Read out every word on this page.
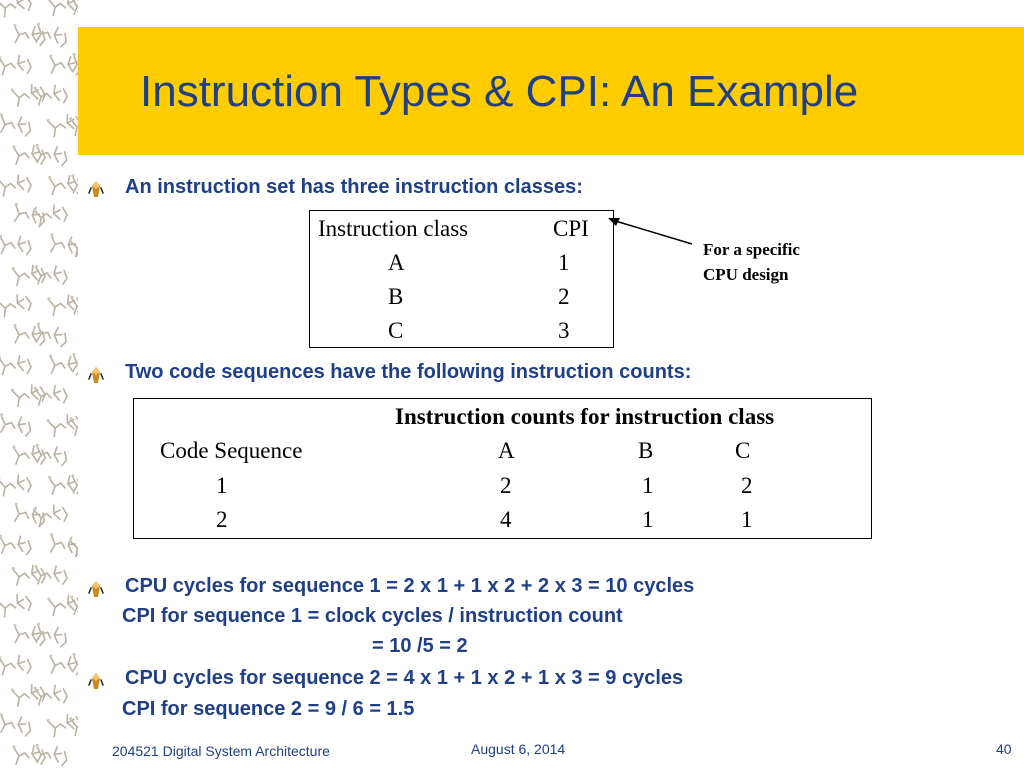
Instruction Types & CPI: An Example

An instruction set has three instruction classes:

Instruction class	CPI
A	1
B	2
C	3

For a specific
CPU design

Two code sequences have the following instruction counts:

Instruction counts for instruction class
Code Sequence	A	B	C
1	2	1	2
2	4	1	1

CPU cycles for sequence 1 = 2 x 1 + 1 x 2 + 2 x 3 = 10 cycles

CPI for sequence 1 = clock cycles / instruction count

= 10 /5 = 2

CPU cycles for sequence 2 = 4 x 1 + 1 x 2 + 1 x 3 = 9 cycles

CPI for sequence 2 = 9 / 6 = 1.5

204521 Digital System Architecture	August 6, 2014	40
